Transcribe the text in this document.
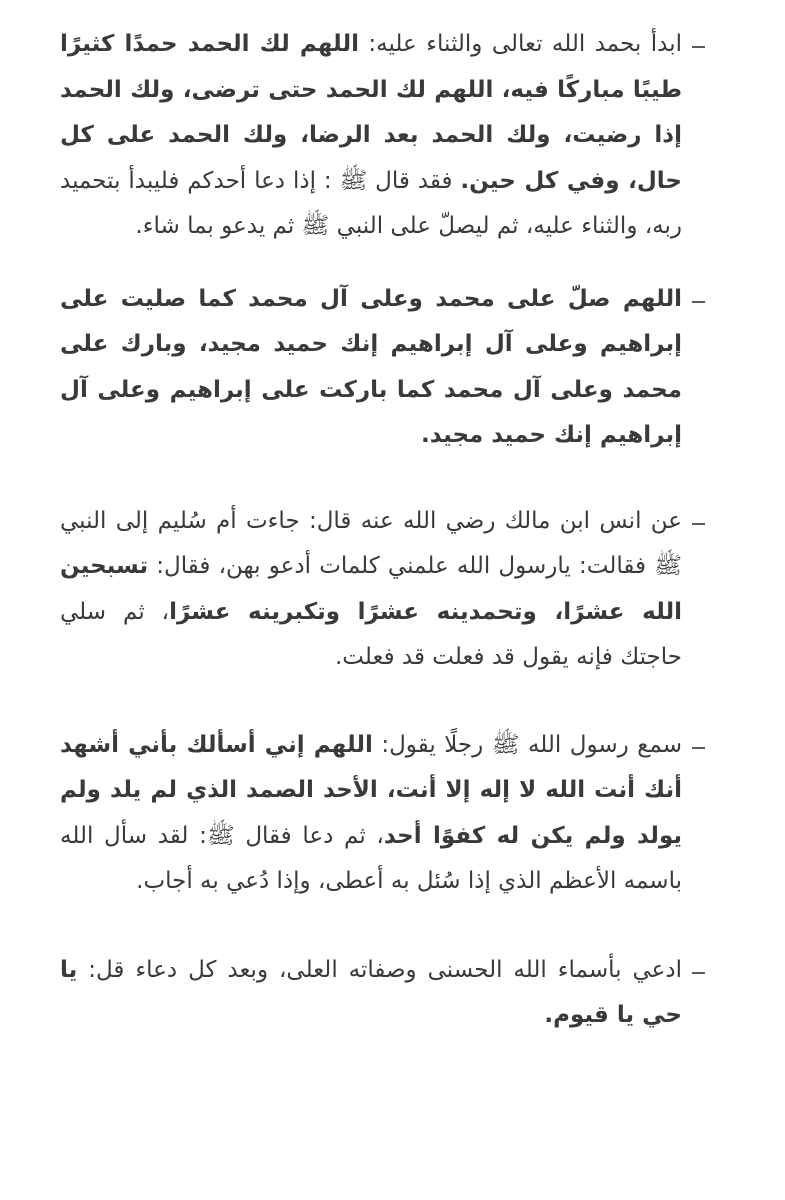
ابدأ بحمد الله تعالى والثناء عليه: اللهم لك الحمد حمدًا كثيرًا طيبًا مباركًا فيه، اللهم لك الحمد حتى ترضى، ولك الحمد إذا رضيت، ولك الحمد بعد الرضا، ولك الحمد على كل حال، وفي كل حين. فقد قال ﷺ : إذا دعا أحدكم فليبدأ بتحميد ربه، والثناء عليه، ثم ليصلّ على النبي ﷺ ثم يدعو بما شاء.

اللهم صلّ على محمد وعلى آل محمد كما صليت على إبراهيم وعلى آل إبراهيم إنك حميد مجيد، وبارك على محمد وعلى آل محمد كما باركت على إبراهيم وعلى آل إبراهيم إنك حميد مجيد.

عن انس ابن مالك رضي الله عنه قال: جاءت أم سُليم إلى النبي ﷺ فقالت: يارسول الله علمني كلمات أدعو بهن، فقال: تسبحين الله عشرًا، وتحمدينه عشرًا وتكبرينه عشرًا، ثم سلي حاجتك فإنه يقول قد فعلت قد فعلت.

سمع رسول الله ﷺ رجلًا يقول: اللهم إني أسألك بأني أشهد أنك أنت الله لا إله إلا أنت، الأحد الصمد الذي لم يلد ولم يولد ولم يكن له كفوًا أحد، ثم دعا فقال ﷺ: لقد سأل الله باسمه الأعظم الذي إذا سُئل به أعطى، وإذا دُعي به أجاب.

ادعي بأسماء الله الحسنى وصفاته العلى، وبعد كل دعاء قل: يا حي يا قيوم.
